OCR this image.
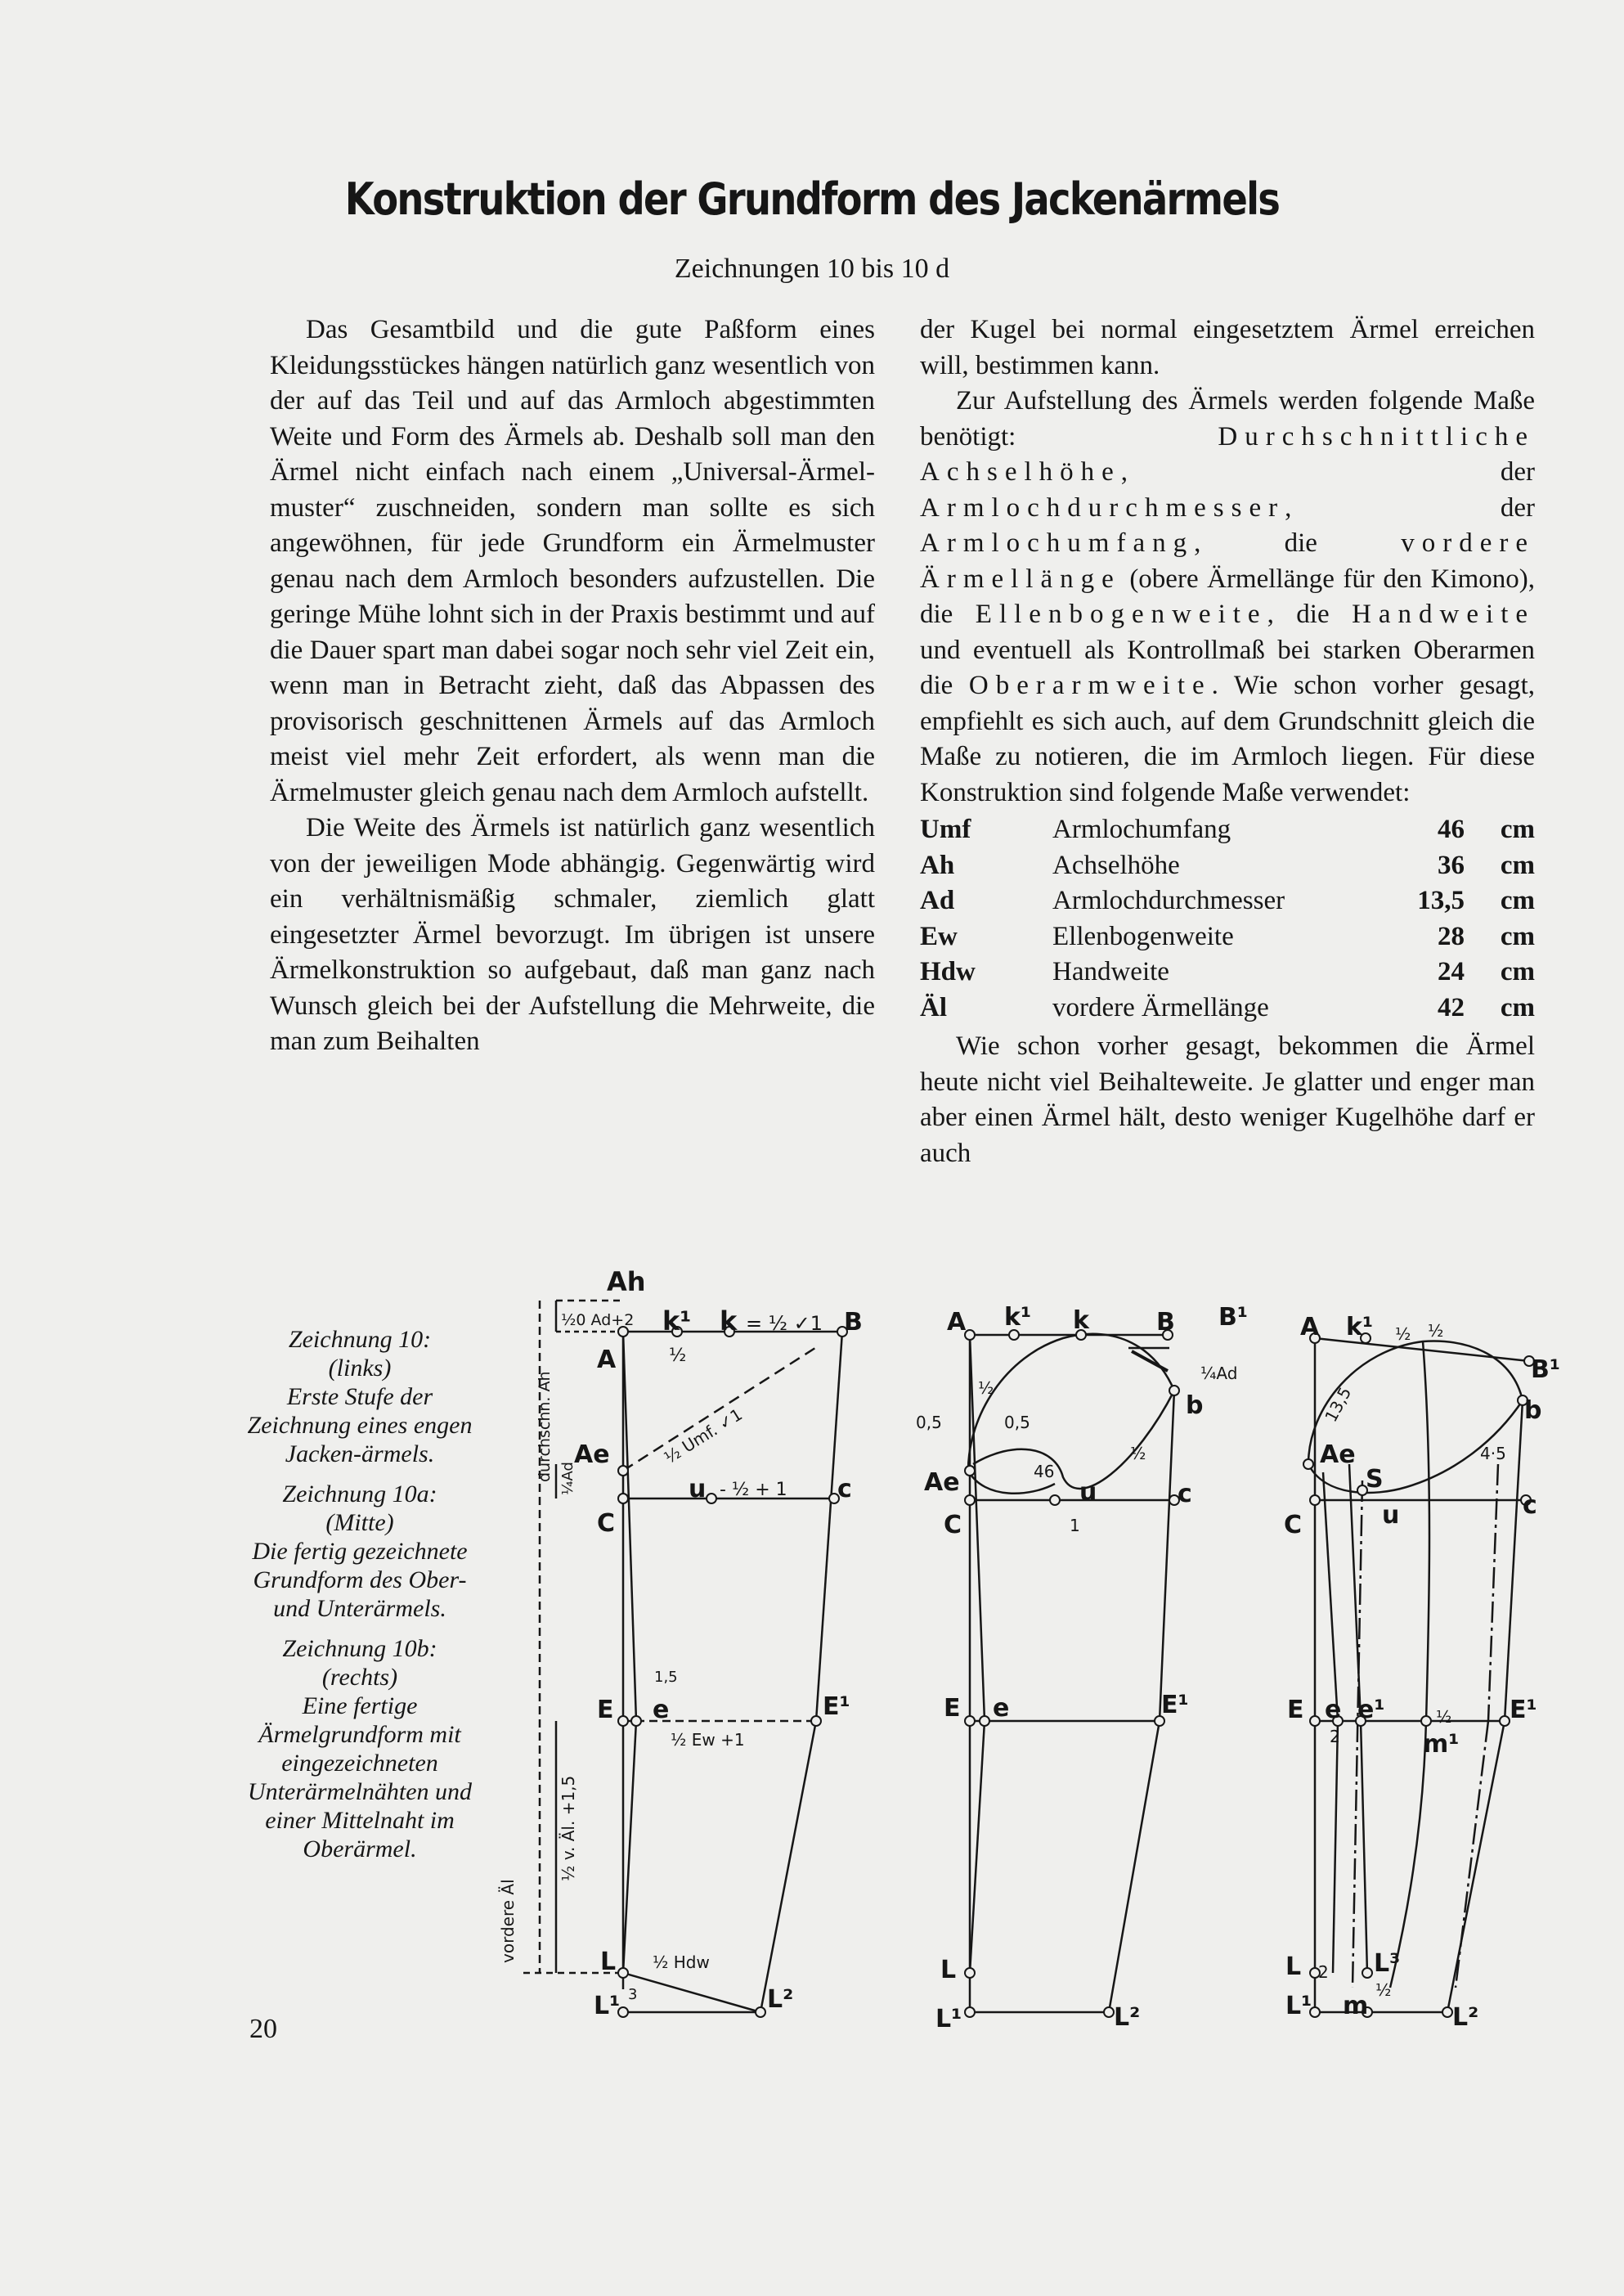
Konstruktion der Grundform des Jackenärmels
Zeichnungen 10 bis 10 d

Das Gesamtbild und die gute Paßform eines Kleidungsstückes hängen natürlich ganz wesentlich von der auf das Teil und auf das Armloch abgestimmten Weite und Form des Ärmels ab. Deshalb soll man den Ärmel nicht einfach nach einem „Universal-Ärmel-muster“ zuschneiden, sondern man sollte es sich angewöhnen, für jede Grundform ein Ärmelmuster genau nach dem Armloch besonders aufzustellen. Die geringe Mühe lohnt sich in der Praxis bestimmt und auf die Dauer spart man dabei sogar noch sehr viel Zeit ein, wenn man in Betracht zieht, daß das Abpassen des provisorisch geschnittenen Ärmels auf das Armloch meist viel mehr Zeit erfordert, als wenn man die Ärmelmuster gleich genau nach dem Armloch aufstellt.

Die Weite des Ärmels ist natürlich ganz wesentlich von der jeweiligen Mode abhängig. Gegenwärtig wird ein verhältnismäßig schmaler, ziemlich glatt eingesetzter Ärmel bevorzugt. Im übrigen ist unsere Ärmelkonstruktion so aufgebaut, daß man ganz nach Wunsch gleich bei der Aufstellung die Mehrweite, die man zum Beihalten

der Kugel bei normal eingesetztem Ärmel erreichen will, bestimmen kann.

Zur Aufstellung des Ärmels werden folgende Maße benötigt:	Durchschnittliche Achselhöhe, der Armlochdurchmesser, der Armlochumfang, die	vordere Ärmellänge (obere Ärmellänge für den Kimono), die Ellenbogenweite, die Handweite und eventuell als Kontrollmaß bei starken Oberarmen die Oberarmweite. Wie schon vorher gesagt, empfiehlt es sich auch, auf dem Grundschnitt gleich die Maße zu notieren, die im Armloch liegen. Für diese Konstruktion sind folgende Maße verwendet:

Umf	Armlochumfang	46	cm
Ah	Achselhöhe	36	cm
Ad	Armlochdurchmesser	13,5	cm
Ew	Ellenbogenweite	28	cm
Hdw	Handweite	24	cm
Äl	vordere Ärmellänge	42	cm

Wie schon vorher gesagt, bekommen die Ärmel heute nicht viel Beihalteweite. Je glatter und enger man aber einen Ärmel hält, desto weniger Kugelhöhe darf er auch

Zeichnung 10:
(links)
Erste Stufe der Zeichnung eines engen Jacken-ärmels.
Zeichnung 10a:
(Mitte)
Die fertig gezeichnete Grundform des Ober- und Unterärmels.
Zeichnung 10b:
(rechts)
Eine fertige Ärmelgrundform mit eingezeichneten Unterärmelnähten und einer Mittelnaht im Oberärmel.
Ah
A
k¹ k = ½ ✓1 B
½
½0 Ad+2
durchschn. Ah Ae
¼Ad
½ Umf. ✓1
C
u - ½ + 1 c
1,5
E e
½ Ew +1
E¹
½ v. Äl. +1,5
vordere Äl	L ½ Hdw
L¹ 3	L²
A k¹ k	B B¹
¼Ad
½
½
b
0,5	0,5
46
Ae
C
u	c
1
E e	E¹
L
L¹	L²
A k¹ ½ ½
B¹
b
13,5
4·5
Ae
S
C	u	c
E e e¹	½ E¹
2	m¹
L 2 L³
½
L¹ m	L²
20
